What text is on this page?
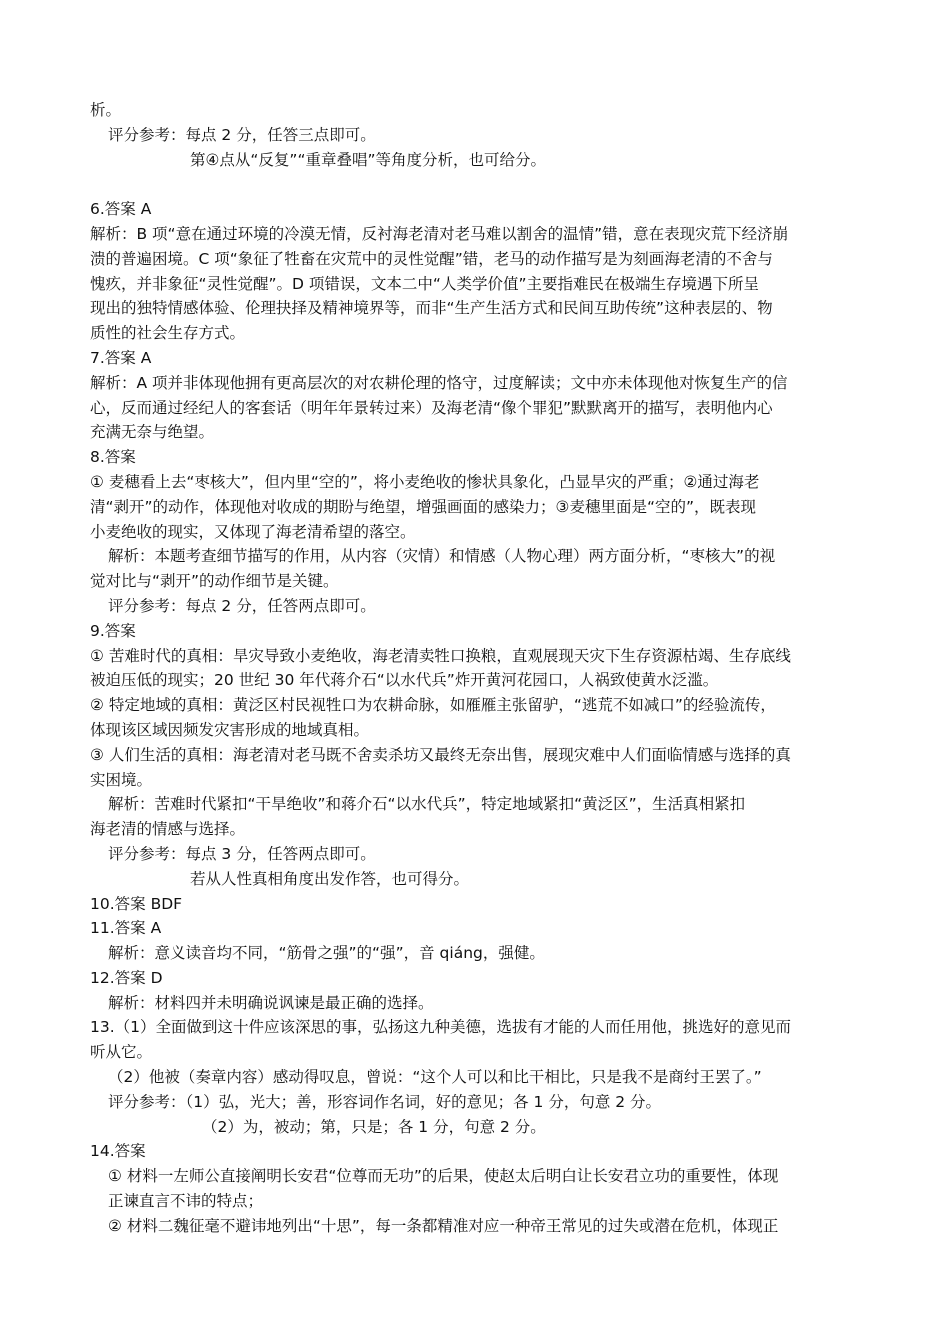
析。
评分参考：每点 2 分，任答三点即可。
第④点从“反复”“重章叠唱”等角度分析，也可给分。
6.答案 A
解析：B 项“意在通过环境的冷漠无情，反衬海老清对老马难以割舍的温情”错，意在表现灾荒下经济崩
溃的普遍困境。C 项“象征了牲畜在灾荒中的灵性觉醒”错，老马的动作描写是为刻画海老清的不舍与
愧疚，并非象征“灵性觉醒”。D 项错误，文本二中“人类学价值”主要指难民在极端生存境遇下所呈
现出的独特情感体验、伦理抉择及精神境界等，而非“生产生活方式和民间互助传统”这种表层的、物
质性的社会生存方式。
7.答案 A
解析：A 项并非体现他拥有更高层次的对农耕伦理的恪守，过度解读；文中亦未体现他对恢复生产的信
心，反而通过经纪人的客套话（明年年景转过来）及海老清“像个罪犯”默默离开的描写，表明他内心
充满无奈与绝望。
8.答案
① 麦穗看上去“枣核大”，但内里“空的”，将小麦绝收的惨状具象化，凸显旱灾的严重；②通过海老
清“剥开”的动作，体现他对收成的期盼与绝望，增强画面的感染力；③麦穗里面是“空的”，既表现
小麦绝收的现实，又体现了海老清希望的落空。
解析：本题考查细节描写的作用，从内容（灾情）和情感（人物心理）两方面分析，“枣核大”的视
觉对比与“剥开”的动作细节是关键。
评分参考：每点 2 分，任答两点即可。
9.答案
① 苦难时代的真相：旱灾导致小麦绝收，海老清卖牲口换粮，直观展现天灾下生存资源枯竭、生存底线
被迫压低的现实；20 世纪 30 年代蒋介石“以水代兵”炸开黄河花园口，人祸致使黄水泛滥。
② 特定地域的真相：黄泛区村民视牲口为农耕命脉，如雁雁主张留驴，“逃荒不如减口”的经验流传，
体现该区域因频发灾害形成的地域真相。
③ 人们生活的真相：海老清对老马既不舍卖杀坊又最终无奈出售，展现灾难中人们面临情感与选择的真
实困境。
解析：苦难时代紧扣“干旱绝收”和蒋介石“以水代兵”，特定地域紧扣“黄泛区”，生活真相紧扣
海老清的情感与选择。
评分参考：每点 3 分，任答两点即可。
若从人性真相角度出发作答，也可得分。
10.答案 BDF
11.答案 A
解析：意义读音均不同，“筋骨之强”的“强”，音 qiáng，强健。
12.答案 D
解析：材料四并未明确说讽谏是最正确的选择。
13.（1）全面做到这十件应该深思的事，弘扬这九种美德，选拔有才能的人而任用他，挑选好的意见而
听从它。
（2）他被（奏章内容）感动得叹息，曾说：“这个人可以和比干相比，只是我不是商纣王罢了。”
评分参考：（1）弘，光大；善，形容词作名词，好的意见；各 1 分，句意 2 分。
（2）为，被动；第，只是；各 1 分，句意 2 分。
14.答案
① 材料一左师公直接阐明长安君“位尊而无功”的后果，使赵太后明白让长安君立功的重要性，体现
正谏直言不讳的特点；
② 材料二魏征毫不避讳地列出“十思”，每一条都精准对应一种帝王常见的过失或潜在危机，体现正
